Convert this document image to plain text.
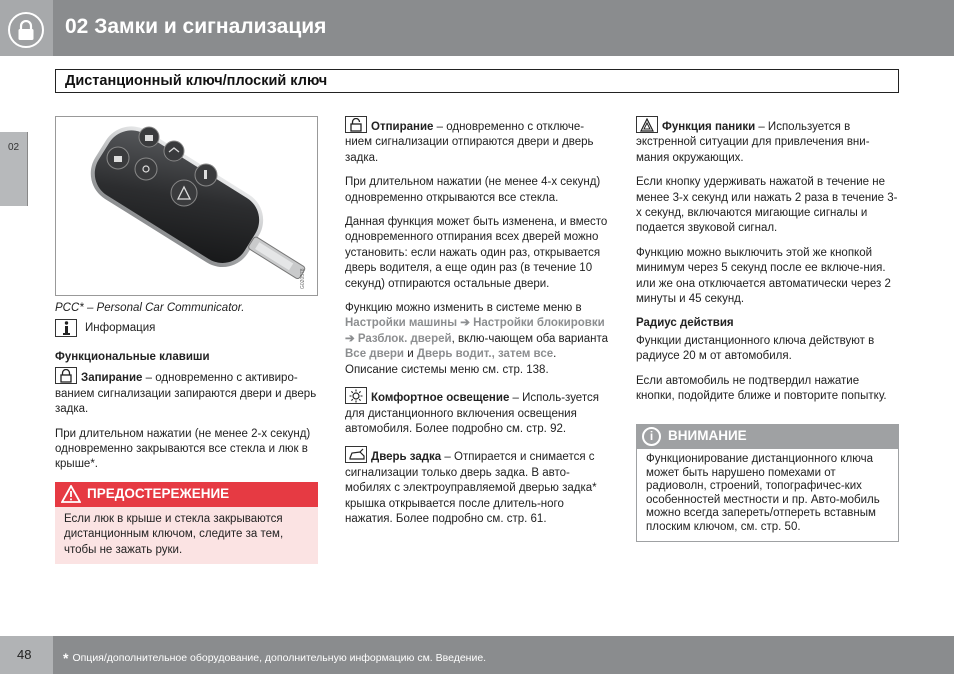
02 Замки и сигнализация
Дистанционный ключ/плоский ключ
02
G020578
PCC* – Personal Car Communicator.
Информация
Функциональные клавиши

Запирание – одновременно с активиро-ванием сигнализации запираются двери и дверь задка.

При длительном нажатии (не менее 2-х секунд) одновременно закрываются все стекла и люк в крыше*.

ПРЕДОСТЕРЕЖЕНИЕ
Если люк в крыше и стекла закрываются дистанционным ключом, следите за тем, чтобы не зажать руки.

Отпирание – одновременно с отключе-нием сигнализации отпираются двери и дверь задка.

При длительном нажатии (не менее 4-х секунд) одновременно открываются все стекла.

Данная функция может быть изменена, и вместо одновременного отпирания всех дверей можно установить: если нажать один раз, открывается дверь водителя, а еще один раз (в течение 10 секунд) отпираются остальные двери.

Функцию можно изменить в системе меню в Настройки машины ➔ Настройки блокировки ➔ Разблок. дверей, вклю-чающем оба варианта Все двери и Дверь водит., затем все. Описание системы меню см. стр. 138.

Комфортное освещение – Исполь-зуется для дистанционного включения освещения автомобиля. Более подробно см. стр. 92.

Дверь задка – Отпирается и снимается с сигнализации только дверь задка. В авто-мобилях с электроуправляемой дверью задка* крышка открывается после длитель-ного нажатия. Более подробно см. стр. 61.

Функция паники – Используется в экстренной ситуации для привлечения вни-мания окружающих.

Если кнопку удерживать нажатой в течение не менее 3-х секунд или нажать 2 раза в течение 3-х секунд, включаются мигающие сигналы и подается звуковой сигнал.

Функцию можно выключить этой же кнопкой минимум через 5 секунд после ее включе-ния. или же она отключается автоматически через 2 минуты и 45 секунд.

Радиус действия

Функции дистанционного ключа действуют в радиусе 20 м от автомобиля.

Если автомобиль не подтвердил нажатие кнопки, подойдите ближе и повторите попытку.

i	ВНИМАНИЕ
Функционирование дистанционного ключа может быть нарушено помехами от радиоволн, строений, топографичес-ких особенностей местности и пр. Авто-мобиль можно всегда запереть/отпереть вставным плоским ключом, см. стр. 50.
48	* Опция/дополнительное оборудование, дополнительную информацию см. Введение.
